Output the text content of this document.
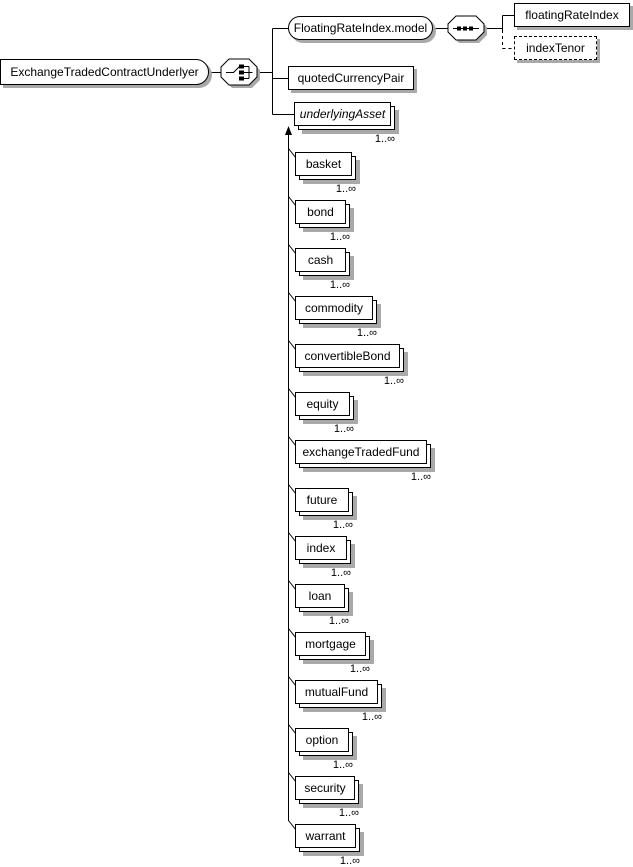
ExchangeTradedContractUnderlyer
FloatingRateIndex.model
floatingRateIndex
indexTenor
quotedCurrencyPair
underlyingAsset
1..∞
basket
1..∞
bond
1..∞
cash
1..∞
commodity
1..∞
convertibleBond
1..∞
equity
1..∞
exchangeTradedFund
1..∞
future
1..∞
index
1..∞
loan
1..∞
mortgage
1..∞
mutualFund
1..∞
option
1..∞
security
1..∞
warrant
1..∞
